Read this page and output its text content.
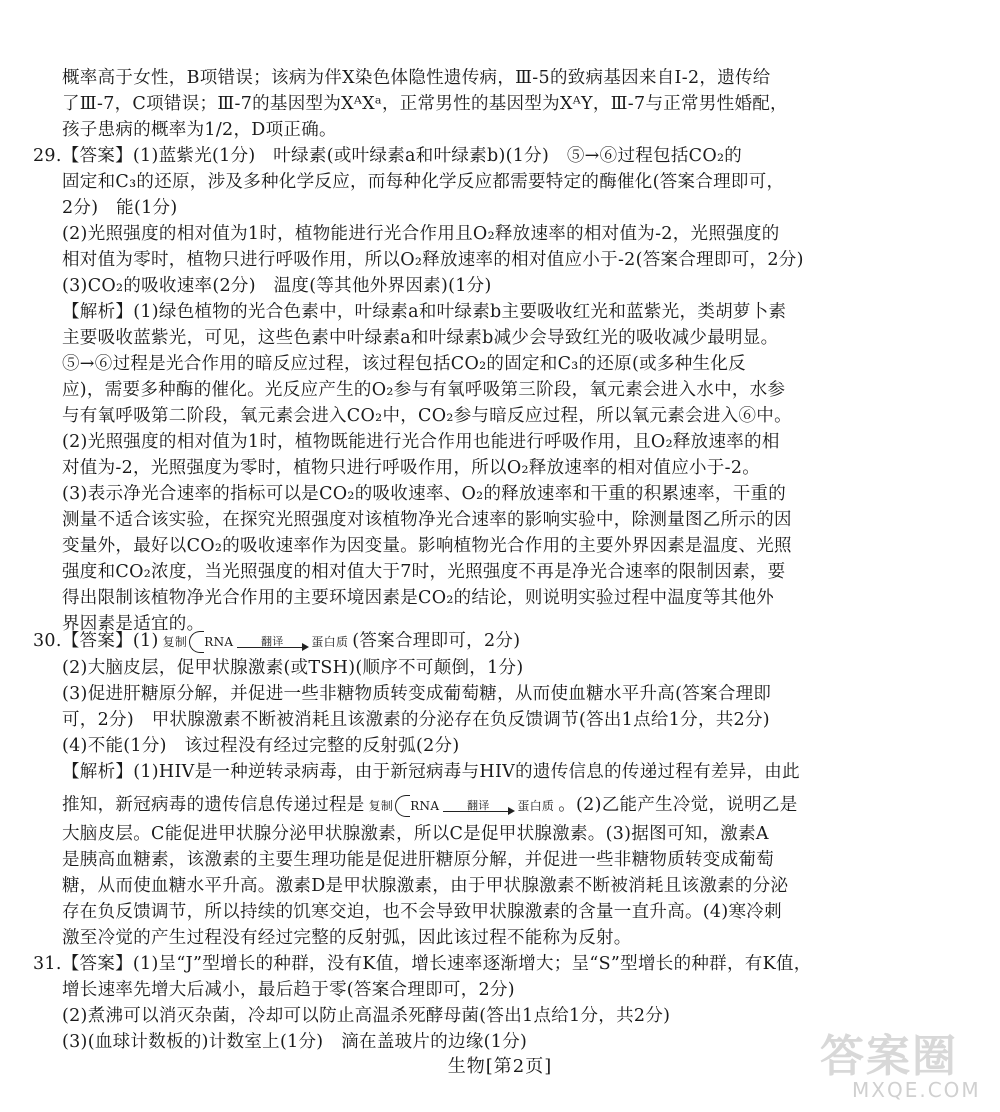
概率高于女性，B项错误；该病为伴X染色体隐性遗传病，Ⅲ-5的致病基因来自Ⅰ-2，遗传给
了Ⅲ-7，C项错误；Ⅲ-7的基因型为XᴬXᵃ，正常男性的基因型为XᴬY，Ⅲ-7与正常男性婚配，
孩子患病的概率为1/2，D项正确。
29.【答案】(1)蓝紫光(1分)　叶绿素(或叶绿素a和叶绿素b)(1分)　⑤→⑥过程包括CO₂的
固定和C₃的还原，涉及多种化学反应，而每种化学反应都需要特定的酶催化(答案合理即可，
2分)　能(1分)
(2)光照强度的相对值为1时，植物能进行光合作用且O₂释放速率的相对值为-2，光照强度的
相对值为零时，植物只进行呼吸作用，所以O₂释放速率的相对值应小于-2(答案合理即可，2分)
(3)CO₂的吸收速率(2分)　温度(等其他外界因素)(1分)
【解析】(1)绿色植物的光合色素中，叶绿素a和叶绿素b主要吸收红光和蓝紫光，类胡萝卜素
主要吸收蓝紫光，可见，这些色素中叶绿素a和叶绿素b减少会导致红光的吸收减少最明显。
⑤→⑥过程是光合作用的暗反应过程，该过程包括CO₂的固定和C₃的还原(或多种生化反
应)，需要多种酶的催化。光反应产生的O₂参与有氧呼吸第三阶段，氧元素会进入水中，水参
与有氧呼吸第二阶段，氧元素会进入CO₂中，CO₂参与暗反应过程，所以氧元素会进入⑥中。
(2)光照强度的相对值为1时，植物既能进行光合作用也能进行呼吸作用，且O₂释放速率的相
对值为-2，光照强度为零时，植物只进行呼吸作用，所以O₂释放速率的相对值应小于-2。
(3)表示净光合速率的指标可以是CO₂的吸收速率、O₂的释放速率和干重的积累速率，干重的
测量不适合该实验，在探究光照强度对该植物净光合速率的影响实验中，除测量图乙所示的因
变量外，最好以CO₂的吸收速率作为因变量。影响植物光合作用的主要外界因素是温度、光照
强度和CO₂浓度，当光照强度的相对值大于7时，光照强度不再是净光合速率的限制因素，要
得出限制该植物净光合作用的主要环境因素是CO₂的结论，则说明实验过程中温度等其他外
界因素是适宜的。
30.【答案】(1) 复制 RNA	翻译 蛋白质 (答案合理即可，2分)
(2)大脑皮层，促甲状腺激素(或TSH)(顺序不可颠倒，1分)
(3)促进肝糖原分解，并促进一些非糖物质转变成葡萄糖，从而使血糖水平升高(答案合理即
可，2分)　甲状腺激素不断被消耗且该激素的分泌存在负反馈调节(答出1点给1分，共2分)
(4)不能(1分)　该过程没有经过完整的反射弧(2分)
【解析】(1)HIV是一种逆转录病毒，由于新冠病毒与HIV的遗传信息的传递过程有差异，由此
推知，新冠病毒的遗传信息传递过程是 复制 RNA	翻译 蛋白质 。(2)乙能产生冷觉，说明乙是
大脑皮层。C能促进甲状腺分泌甲状腺激素，所以C是促甲状腺激素。(3)据图可知，激素A
是胰高血糖素，该激素的主要生理功能是促进肝糖原分解，并促进一些非糖物质转变成葡萄
糖，从而使血糖水平升高。激素D是甲状腺激素，由于甲状腺激素不断被消耗且该激素的分泌
存在负反馈调节，所以持续的饥寒交迫，也不会导致甲状腺激素的含量一直升高。(4)寒冷刺
激至冷觉的产生过程没有经过完整的反射弧，因此该过程不能称为反射。
31.【答案】(1)呈“J”型增长的种群，没有K值，增长速率逐渐增大；呈“S”型增长的种群，有K值，
增长速率先增大后减小，最后趋于零(答案合理即可，2分)
(2)煮沸可以消灭杂菌，冷却可以防止高温杀死酵母菌(答出1点给1分，共2分)
(3)(血球计数板的)计数室上(1分)　滴在盖玻片的边缘(1分)
生物[第2页]	答案圈
MXQE.COM
